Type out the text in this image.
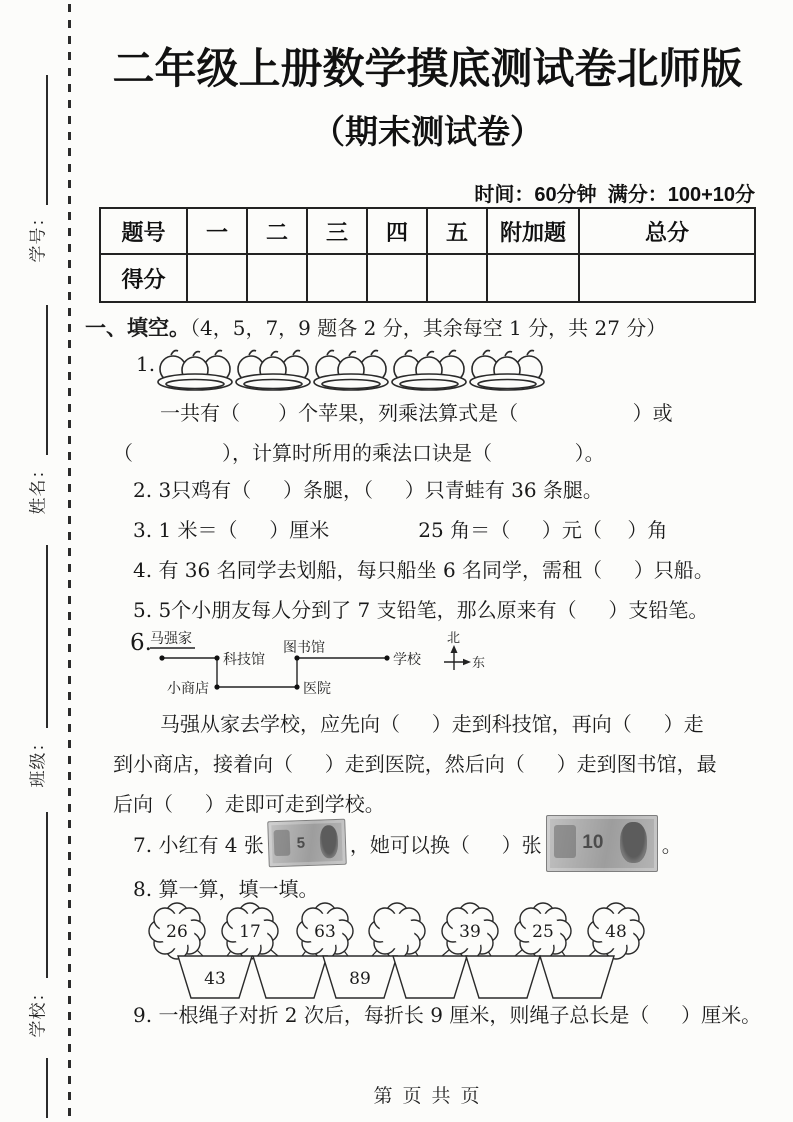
学号：
姓名：
班级：
学校：
二年级上册数学摸底测试卷北师版
（期末测试卷）
时间：60分钟  满分：100+10分
题号	一	二	三	四	五	附加题	总分
得分							
一、填空。（4，5，7，9 题各 2 分，其余每空 1 分，共 27 分）
1.
一共有（      ）个苹果，列乘法算式是（                  ）或
（              ），计算时所用的乘法口诀是（             ）。
2. 3只鸡有（     ）条腿，（     ）只青蛙有 36 条腿。
3. 1 米＝（     ）厘米              25 角＝（     ）元（    ）角
4. 有 36 名同学去划船，每只船坐 6 名同学，需租（     ）只船。
5. 5个小朋友每人分到了 7 支铅笔，那么原来有（     ）支铅笔。
6.
马强家
科技馆
图书馆
学校
小商店	医院
北
东
马强从家去学校，应先向（     ）走到科技馆，再向（     ）走
到小商店，接着向（     ）走到医院，然后向（     ）走到图书馆，最
后向（     ）走即可走到学校。
7. 小红有 4 张

5

，她可以换（     ）张

10

	。
8. 算一算，填一填。
26	17	63	39	25	48
43	89
9. 一根绳子对折 2 次后，每折长 9 厘米，则绳子总长是（     ）厘米。
第 页 共 页
